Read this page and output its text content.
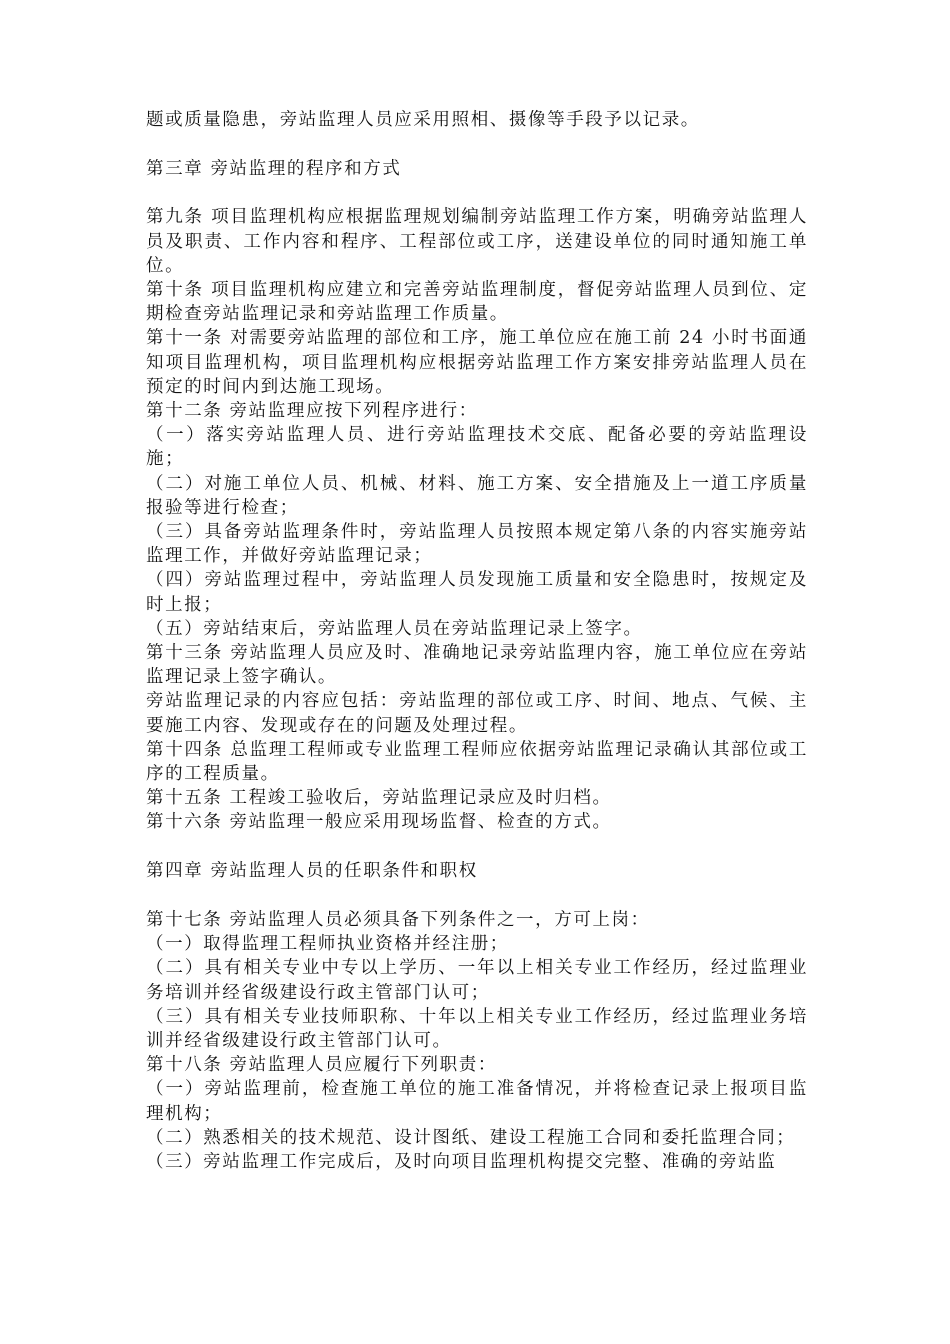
题或质量隐患，旁站监理人员应采用照相、摄像等手段予以记录。

第三章 旁站监理的程序和方式

第九条 项目监理机构应根据监理规划编制旁站监理工作方案，明确旁站监理人员及职责、工作内容和程序、工程部位或工序，送建设单位的同时通知施工单位。

第十条 项目监理机构应建立和完善旁站监理制度，督促旁站监理人员到位、定期检查旁站监理记录和旁站监理工作质量。

第十一条 对需要旁站监理的部位和工序，施工单位应在施工前 24 小时书面通知项目监理机构，项目监理机构应根据旁站监理工作方案安排旁站监理人员在预定的时间内到达施工现场。

第十二条 旁站监理应按下列程序进行：

（一）落实旁站监理人员、进行旁站监理技术交底、配备必要的旁站监理设施；

（二）对施工单位人员、机械、材料、施工方案、安全措施及上一道工序质量报验等进行检查；

（三）具备旁站监理条件时，旁站监理人员按照本规定第八条的内容实施旁站监理工作，并做好旁站监理记录；

（四）旁站监理过程中，旁站监理人员发现施工质量和安全隐患时，按规定及时上报；

（五）旁站结束后，旁站监理人员在旁站监理记录上签字。

第十三条 旁站监理人员应及时、准确地记录旁站监理内容，施工单位应在旁站监理记录上签字确认。

旁站监理记录的内容应包括：旁站监理的部位或工序、时间、地点、气候、主要施工内容、发现或存在的问题及处理过程。

第十四条 总监理工程师或专业监理工程师应依据旁站监理记录确认其部位或工序的工程质量。

第十五条 工程竣工验收后，旁站监理记录应及时归档。

第十六条 旁站监理一般应采用现场监督、检查的方式。

第四章 旁站监理人员的任职条件和职权

第十七条 旁站监理人员必须具备下列条件之一，方可上岗：

（一）取得监理工程师执业资格并经注册；

（二）具有相关专业中专以上学历、一年以上相关专业工作经历，经过监理业务培训并经省级建设行政主管部门认可；

（三）具有相关专业技师职称、十年以上相关专业工作经历，经过监理业务培训并经省级建设行政主管部门认可。

第十八条 旁站监理人员应履行下列职责：

（一）旁站监理前，检查施工单位的施工准备情况，并将检查记录上报项目监理机构；

（二）熟悉相关的技术规范、设计图纸、建设工程施工合同和委托监理合同；

（三）旁站监理工作完成后，及时向项目监理机构提交完整、准确的旁站监
